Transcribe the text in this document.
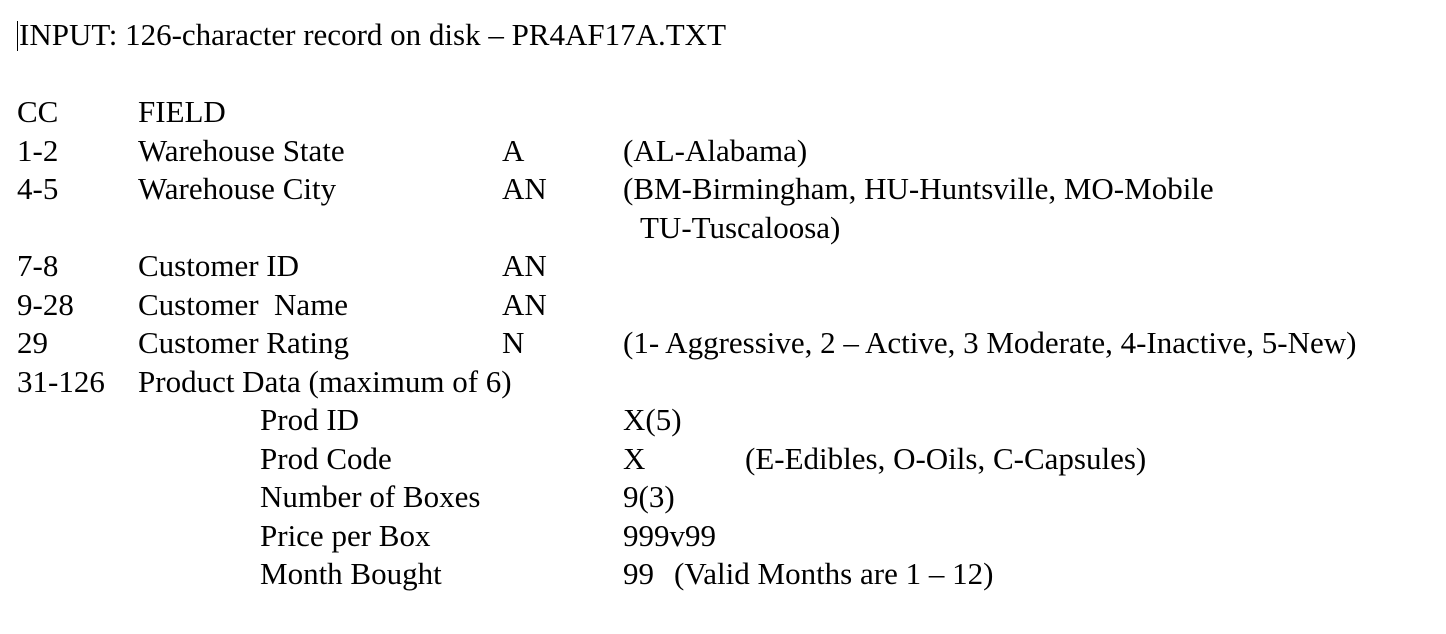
INPUT: 126-character record on disk – PR4AF17A.TXT
CC	FIELD
1-2	Warehouse State	A	(AL-Alabama)
4-5	Warehouse City	AN (BM-Birmingham, HU-Huntsville, MO-Mobile
TU-Tuscaloosa)
7-8	Customer ID	AN
9-28 Customer  Name	AN
29	Customer Rating	N	(1- Aggressive, 2 – Active, 3 Moderate, 4-Inactive, 5-New)
31-126 Product Data (maximum of 6)
Prod ID	X(5)
Prod Code	X	(E-Edibles, O-Oils, C-Capsules)
Number of Boxes	9(3)
Price per Box	999v99
Month Bought	99 (Valid Months are 1 – 12)
